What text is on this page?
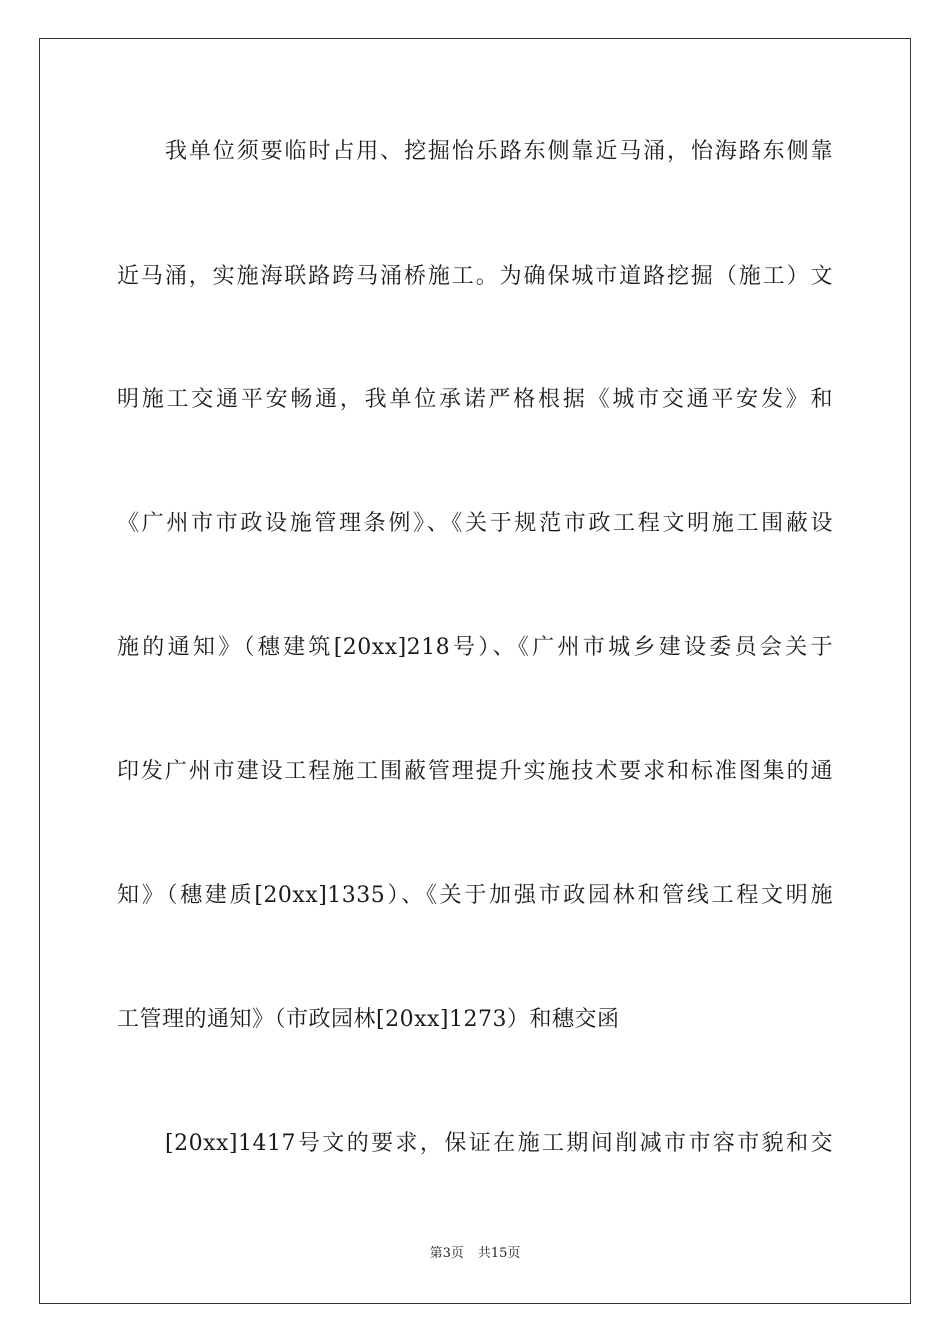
我单位须要临时占用、挖掘怡乐路东侧靠近马涌，怡海路东侧靠
近马涌，实施海联路跨马涌桥施工。为确保城市道路挖掘（施工）文
明施工交通平安畅通，我单位承诺严格根据《城市交通平安发》和
《广州市市政设施管理条例》、《关于规范市政工程文明施工围蔽设
施的通知》（穗建筑[20xx]218号）、《广州市城乡建设委员会关于
印发广州市建设工程施工围蔽管理提升实施技术要求和标准图集的通
知》（穗建质[20xx]1335）、《关于加强市政园林和管线工程文明施
工管理的通知》（市政园林[20xx]1273）和穗交函
[20xx]1417号文的要求，保证在施工期间削减市市容市貌和交
第3页 共15页
